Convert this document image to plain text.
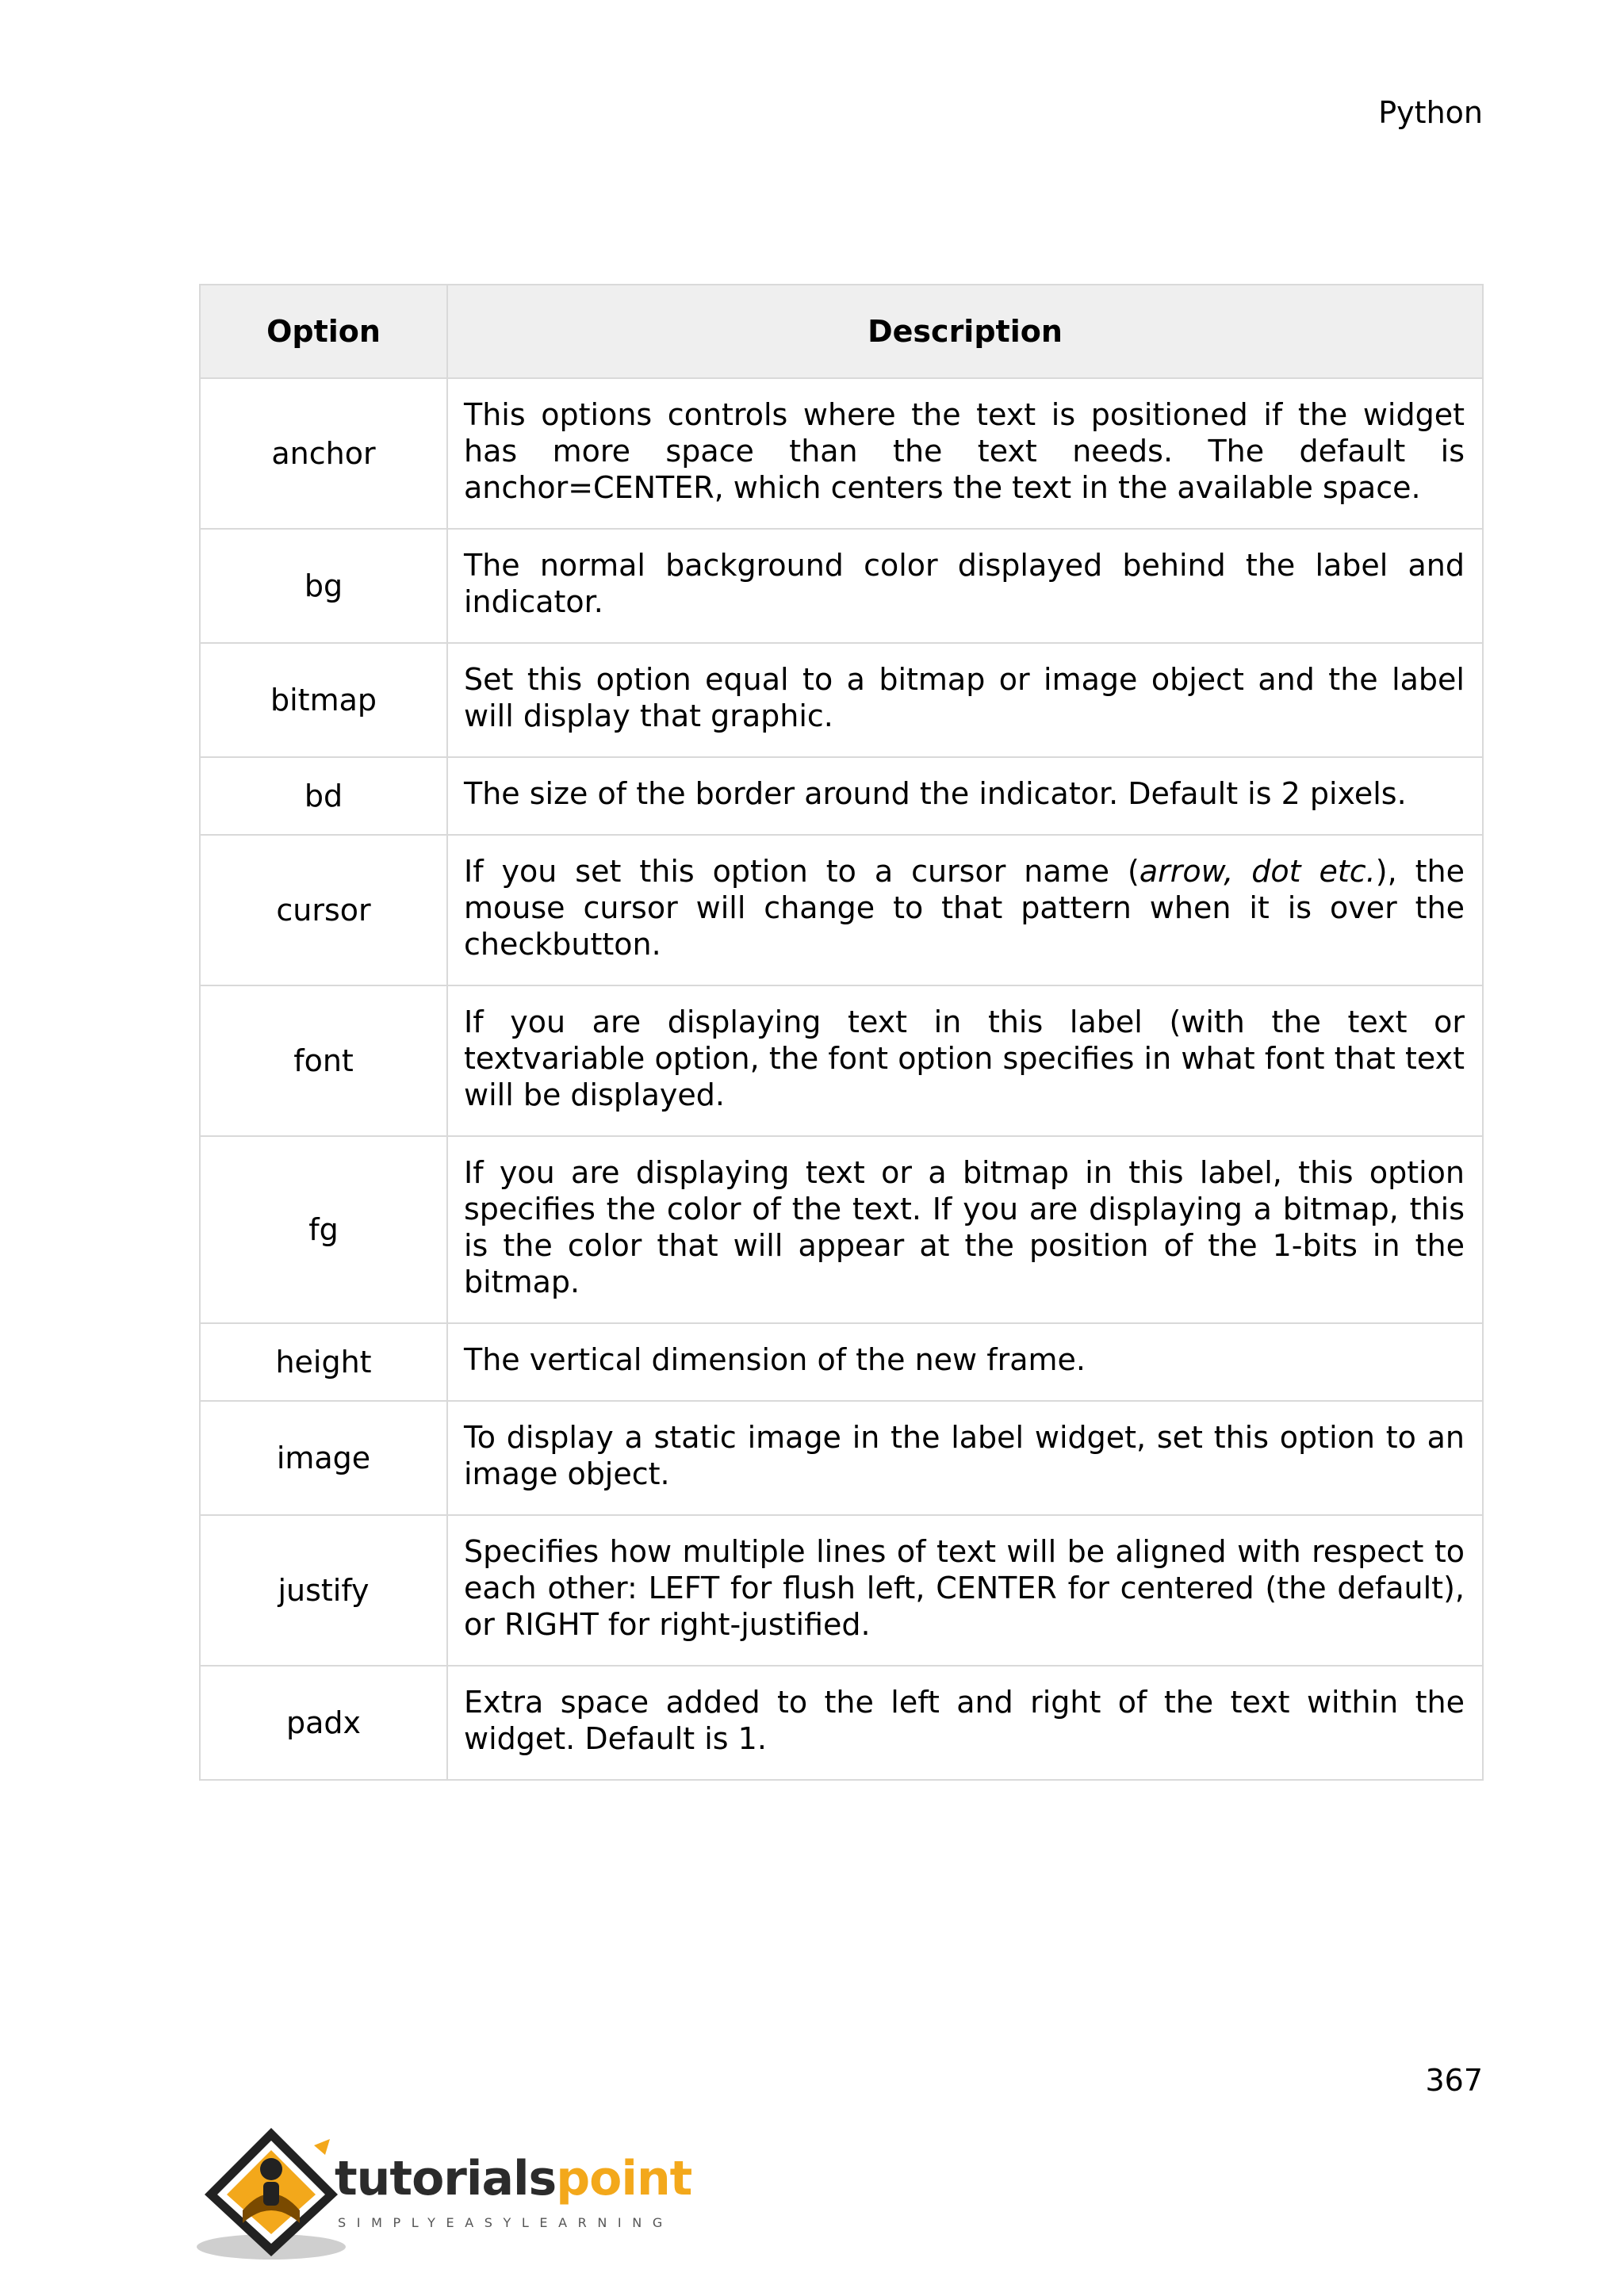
Python
Option	Description
anchor	This options controls where the text is positioned if the widget has more space than the text needs. The default is anchor=CENTER, which centers the text in the available space.
bg	The normal background color displayed behind the label and indicator.
bitmap	Set this option equal to a bitmap or image object and the label will display that graphic.
bd	The size of the border around the indicator. Default is 2 pixels.
cursor	If you set this option to a cursor name (arrow, dot etc.), the mouse cursor will change to that pattern when it is over the checkbutton.
font	If you are displaying text in this label (with the text or textvariable option, the font option specifies in what font that text will be displayed.
fg	If you are displaying text or a bitmap in this label, this option specifies the color of the text. If you are displaying a bitmap, this is the color that will appear at the position of the 1-bits in the bitmap.
height	The vertical dimension of the new frame.
image	To display a static image in the label widget, set this option to an image object.
justify	Specifies how multiple lines of text will be aligned with respect to each other: LEFT for flush left, CENTER for centered (the default), or RIGHT for right-justified.
padx	Extra space added to the left and right of the text within the widget. Default is 1.
367
tutorialspoint
SIMPLYEASYLEARNING
